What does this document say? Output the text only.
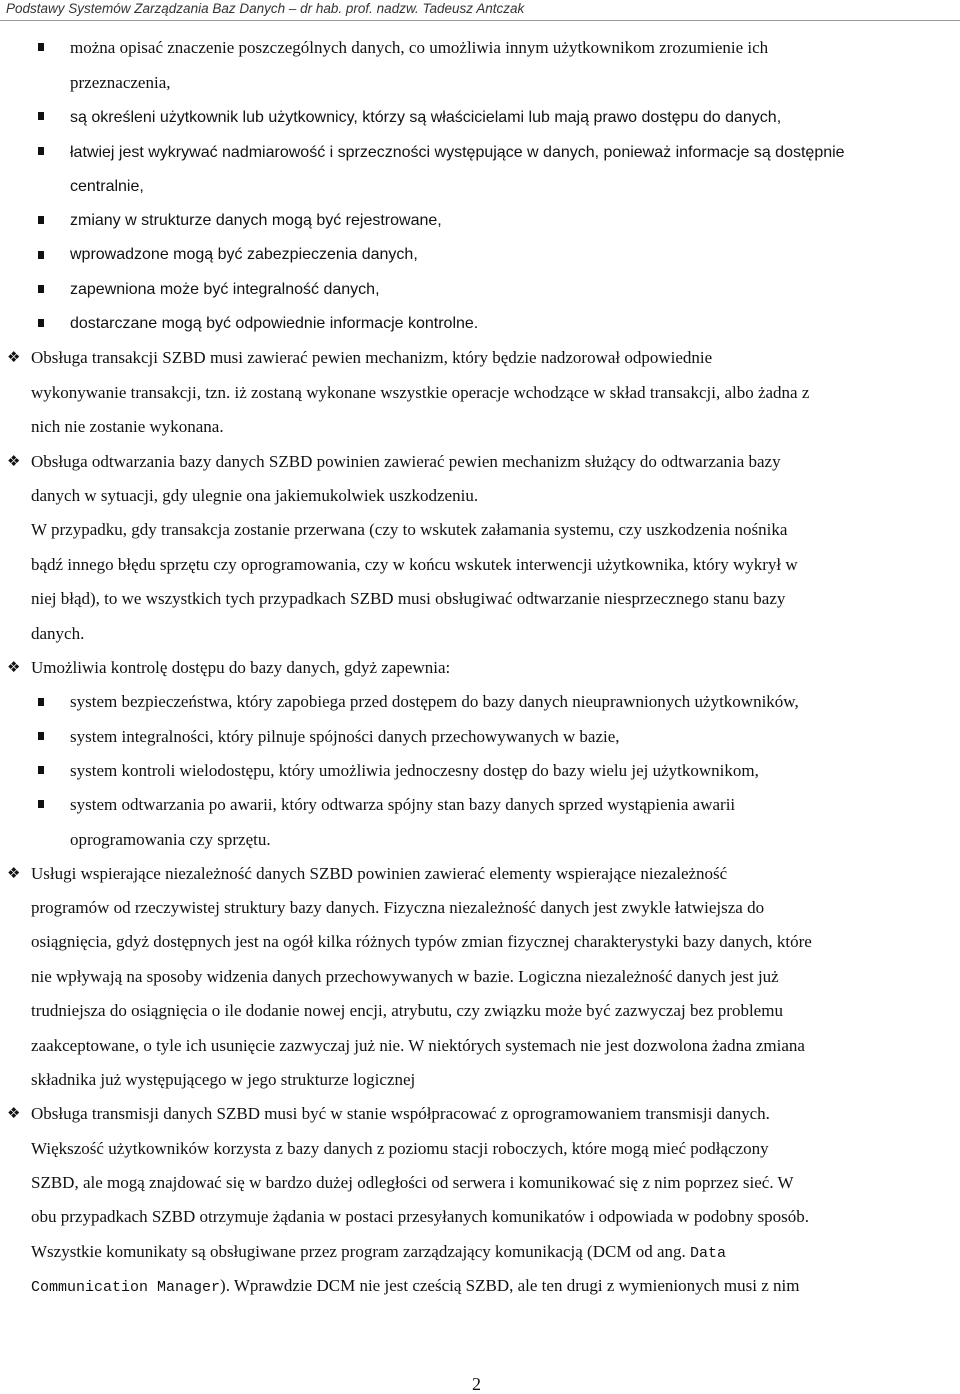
Podstawy Systemów Zarządzania Baz Danych – dr hab. prof. nadzw. Tadeusz Antczak
można opisać znaczenie poszczególnych danych, co umożliwia innym użytkownikom zrozumienie ich
przeznaczenia,
są określeni użytkownik lub użytkownicy, którzy są właścicielami lub mają prawo dostępu do danych,
łatwiej jest wykrywać nadmiarowość i sprzeczności występujące w danych, ponieważ informacje są dostępnie
centralnie,
zmiany w strukturze danych mogą być rejestrowane,
wprowadzone mogą być zabezpieczenia danych,
zapewniona może być integralność danych,
dostarczane mogą być odpowiednie informacje kontrolne.
❖ Obsługa transakcji SZBD musi zawierać pewien mechanizm, który będzie nadzorował odpowiednie
wykonywanie transakcji, tzn. iż zostaną wykonane wszystkie operacje wchodzące w skład transakcji, albo żadna z
nich nie zostanie wykonana.
❖ Obsługa odtwarzania bazy danych SZBD powinien zawierać pewien mechanizm służący do odtwarzania bazy
danych w sytuacji, gdy ulegnie ona jakiemukolwiek uszkodzeniu.
W przypadku, gdy transakcja zostanie przerwana (czy to wskutek załamania systemu, czy uszkodzenia nośnika
bądź innego błędu sprzętu czy oprogramowania, czy w końcu wskutek interwencji użytkownika, który wykrył w
niej błąd), to we wszystkich tych przypadkach SZBD musi obsługiwać odtwarzanie niesprzecznego stanu bazy
danych.
❖ Umożliwia kontrolę dostępu do bazy danych, gdyż zapewnia:
system bezpieczeństwa, który zapobiega przed dostępem do bazy danych nieuprawnionych użytkowników,
system integralności, który pilnuje spójności danych przechowywanych w bazie,
system kontroli wielodostępu, który umożliwia jednoczesny dostęp do bazy wielu jej użytkownikom,
system odtwarzania po awarii, który odtwarza spójny stan bazy danych sprzed wystąpienia awarii
oprogramowania czy sprzętu.
❖ Usługi wspierające niezależność danych SZBD powinien zawierać elementy wspierające niezależność
programów od rzeczywistej struktury bazy danych. Fizyczna niezależność danych jest zwykle łatwiejsza do
osiągnięcia, gdyż dostępnych jest na ogół kilka różnych typów zmian fizycznej charakterystyki bazy danych, które
nie wpływają na sposoby widzenia danych przechowywanych w bazie. Logiczna niezależność danych jest już
trudniejsza do osiągnięcia o ile dodanie nowej encji, atrybutu, czy związku może być zazwyczaj bez problemu
zaakceptowane, o tyle ich usunięcie zazwyczaj już nie. W niektórych systemach nie jest dozwolona żadna zmiana
składnika już występującego w jego strukturze logicznej
❖ Obsługa transmisji danych SZBD musi być w stanie współpracować z oprogramowaniem transmisji danych.
Większość użytkowników korzysta z bazy danych z poziomu stacji roboczych, które mogą mieć podłączony
SZBD, ale mogą znajdować się w bardzo dużej odległości od serwera i komunikować się z nim poprzez sieć. W
obu przypadkach SZBD otrzymuje żądania w postaci przesyłanych komunikatów i odpowiada w podobny sposób.
Wszystkie komunikaty są obsługiwane przez program zarządzający komunikacją (DCM od ang. Data
Communication Manager). Wprawdzie DCM nie jest cześcią SZBD, ale ten drugi z wymienionych musi z nim
2
